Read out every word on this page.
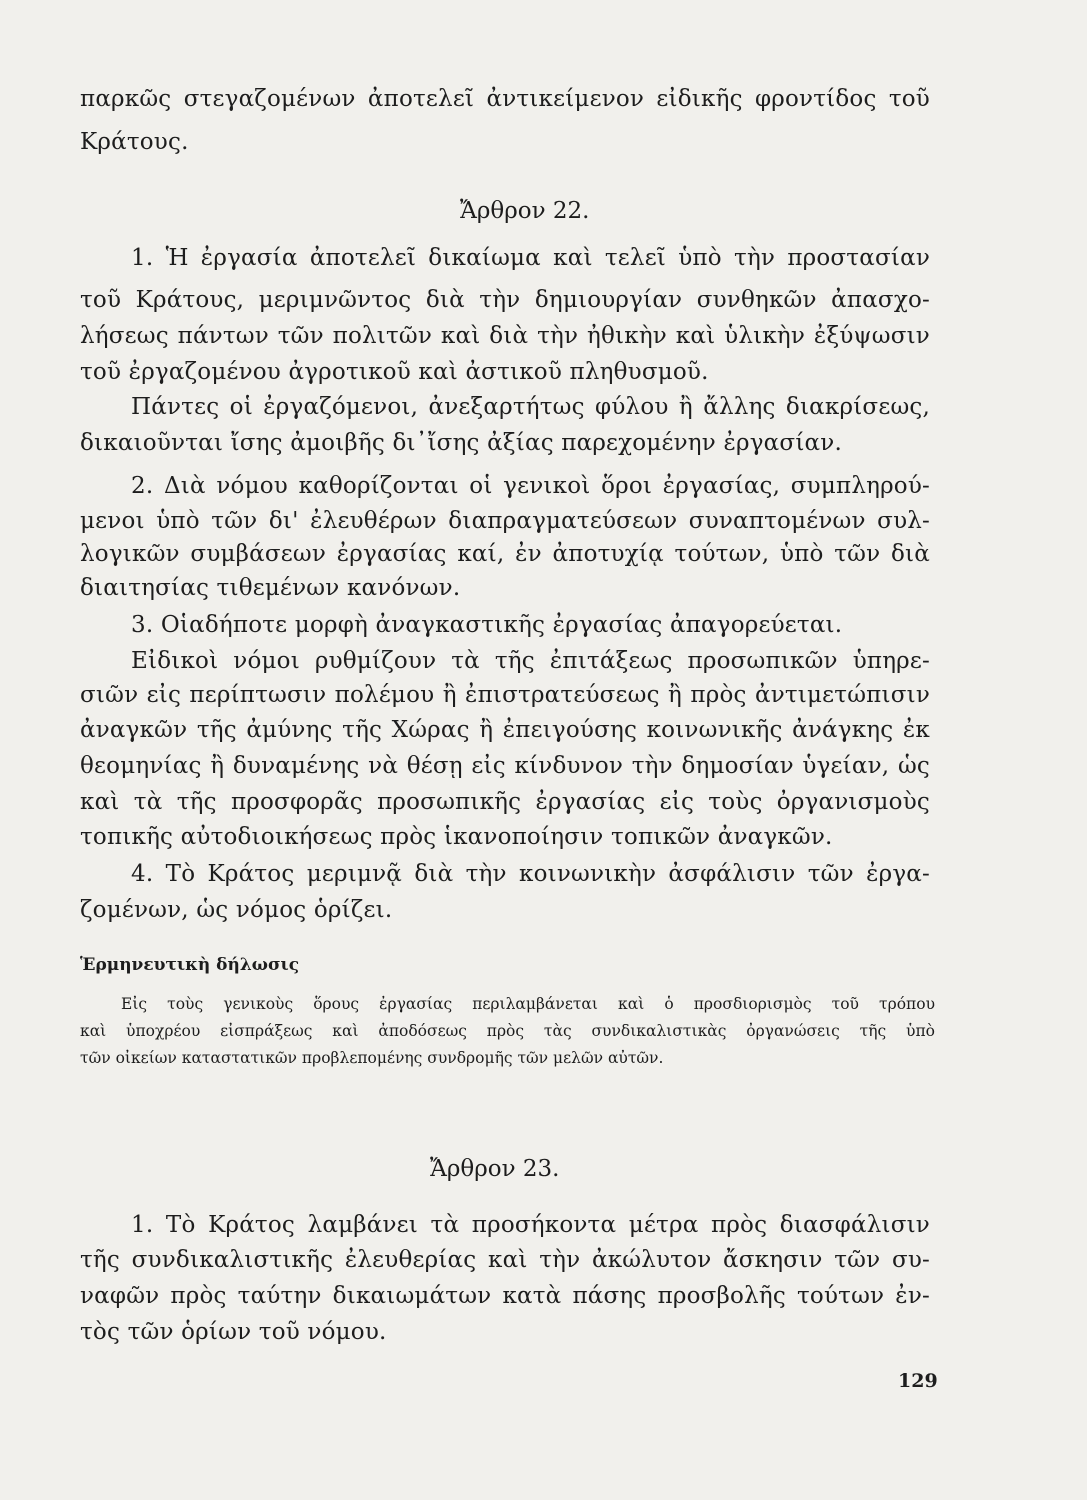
παρκῶς στεγαζομένων ἀποτελεῖ ἀντικείμενον εἰδικῆς φροντίδος τοῦ
Κράτους.
Ἄρθρον 22.
1. Ἡ ἐργασία ἀποτελεῖ δικαίωμα καὶ τελεῖ ὑπὸ τὴν προστασίαν
τοῦ Κράτους, μεριμνῶντος διὰ τὴν δημιουργίαν συνθηκῶν ἀπασχο-
λήσεως πάντων τῶν πολιτῶν καὶ διὰ τὴν ἠθικὴν καὶ ὑλικὴν ἐξύψωσιν
τοῦ ἐργαζομένου ἀγροτικοῦ καὶ ἀστικοῦ πληθυσμοῦ.
Πάντες οἱ ἐργαζόμενοι, ἀνεξαρτήτως φύλου ἢ ἄλλης διακρίσεως,
δικαιοῦνται ἴσης ἀμοιβῆς δι᾽ἴσης ἀξίας παρεχομένην ἐργασίαν.
2. Διὰ νόμου καθορίζονται οἱ γενικοὶ ὅροι ἐργασίας, συμπληρού-
μενοι ὑπὸ τῶν δι' ἐλευθέρων διαπραγματεύσεων συναπτομένων συλ-
λογικῶν συμβάσεων ἐργασίας καί, ἐν ἀποτυχίᾳ τούτων, ὑπὸ τῶν διὰ
διαιτησίας τιθεμένων κανόνων.
3. Οἱαδήποτε μορφὴ ἀναγκαστικῆς ἐργασίας ἀπαγορεύεται.
Εἰδικοὶ νόμοι ρυθμίζουν τὰ τῆς ἐπιτάξεως προσωπικῶν ὑπηρε-
σιῶν εἰς περίπτωσιν πολέμου ἢ ἐπιστρατεύσεως ἢ πρὸς ἀντιμετώπισιν
ἀναγκῶν τῆς ἀμύνης τῆς Χώρας ἢ ἐπειγούσης κοινωνικῆς ἀνάγκης ἐκ
θεομηνίας ἢ δυναμένης νὰ θέσῃ εἰς κίνδυνον τὴν δημοσίαν ὑγείαν, ὡς
καὶ τὰ τῆς προσφορᾶς προσωπικῆς ἐργασίας εἰς τοὺς ὀργανισμοὺς
τοπικῆς αὐτοδιοικήσεως πρὸς ἱκανοποίησιν τοπικῶν ἀναγκῶν.
4. Τὸ Κράτος μεριμνᾷ διὰ τὴν κοινωνικὴν ἀσφάλισιν τῶν ἐργα-
ζομένων, ὡς νόμος ὁρίζει.
Ἑρμηνευτικὴ δήλωσις
Εἰς τοὺς γενικοὺς ὅρους ἐργασίας περιλαμβάνεται καὶ ὁ προσδιορισμὸς τοῦ τρόπου
καὶ ὑποχρέου εἰσπράξεως καὶ ἀποδόσεως πρὸς τὰς συνδικαλιστικὰς ὀργανώσεις τῆς ὑπὸ
τῶν οἰκείων καταστατικῶν προβλεπομένης συνδρομῆς τῶν μελῶν αὐτῶν.
Ἄρθρον 23.
1. Τὸ Κράτος λαμβάνει τὰ προσήκοντα μέτρα πρὸς διασφάλισιν
τῆς συνδικαλιστικῆς ἐλευθερίας καὶ τὴν ἀκώλυτον ἄσκησιν τῶν συ-
ναφῶν πρὸς ταύτην δικαιωμάτων κατὰ πάσης προσβολῆς τούτων ἐν-
τὸς τῶν ὁρίων τοῦ νόμου.
129
